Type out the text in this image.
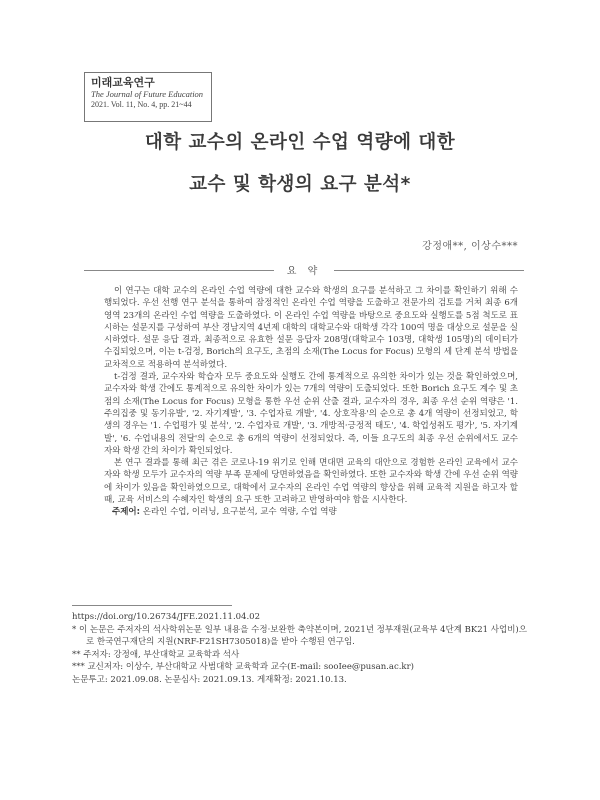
미래교육연구
The Journal of Future Education
2021. Vol. 11, No. 4, pp. 21~44
대학 교수의 온라인 수업 역량에 대한
교수 및 학생의 요구 분석*
강정애**, 이상수***
요 약

이 연구는 대학 교수의 온라인 수업 역량에 대한 교수와 학생의 요구를 분석하고 그 차이를 확인하기 위해 수행되었다. 우선 선행 연구 분석을 통하여 잠정적인 온라인 수업 역량을 도출하고 전문가의 검토를 거쳐 최종 6개 영역 23개의 온라인 수업 역량을 도출하였다. 이 온라인 수업 역량을 바탕으로 중요도와 실행도를 5점 척도로 표시하는 설문지를 구성하여 부산 경남지역 4년제 대학의 대학교수와 대학생 각각 100여 명을 대상으로 설문을 실시하였다. 설문 응답 결과, 최종적으로 유효한 설문 응답자 208명(대학교수 103명, 대학생 105명)의 데이터가 수집되었으며, 이는 t-검정, Borich의 요구도, 초점의 소재(The Locus for Focus) 모형의 세 단계 분석 방법을 교차적으로 적용하여 분석하였다.

t-검정 결과, 교수자와 학습자 모두 중요도와 실행도 간에 통계적으로 유의한 차이가 있는 것을 확인하였으며, 교수자와 학생 간에도 통계적으로 유의한 차이가 있는 7개의 역량이 도출되었다. 또한 Borich 요구도 계수 및 초점의 소재(The Locus for Focus) 모형을 통한 우선 순위 산출 결과, 교수자의 경우, 최종 우선 순위 역량은 '1. 주의집중 및 동기유발', '2. 자기계발', '3. 수업자료 개발', '4. 상호작용'의 순으로 총 4개 역량이 선정되었고, 학생의 경우는 '1. 수업평가 및 분석', '2. 수업자료 개발', '3. 개방적·긍정적 태도', '4. 학업성취도 평가', '5. 자기계발', '6. 수업내용의 전달'의 순으로 총 6개의 역량이 선정되었다. 즉, 이들 요구도의 최종 우선 순위에서도 교수자와 학생 간의 차이가 확인되었다.

본 연구 결과를 통해 최근 겪은 코로나-19 위기로 인해 면대면 교육의 대안으로 경험한 온라인 교육에서 교수자와 학생 모두가 교수자의 역량 부족 문제에 당면하였음을 확인하였다. 또한 교수자와 학생 간에 우선 순위 역량에 차이가 있음을 확인하였으므로, 대학에서 교수자의 온라인 수업 역량의 향상을 위해 교육적 지원을 하고자 할 때, 교육 서비스의 수혜자인 학생의 요구 또한 고려하고 반영하여야 함을 시사한다.

주제어: 온라인 수업, 이러닝, 요구분석, 교수 역량, 수업 역량
https://doi.org/10.26734/JFE.2021.11.04.02
* 이 논문은 주저자의 석사학위논문 일부 내용을 수정·보완한 축약본이며, 2021년 정부재원(교육부 4단계 BK21 사업비)으로 한국연구재단의 지원(NRF-F21SH7305018)을 받아 수행된 연구임.
** 주저자: 강정애, 부산대학교 교육학과 석사
*** 교신저자: 이상수, 부산대학교 사범대학 교육학과 교수(E-mail: sooIee@pusan.ac.kr)
논문투고: 2021.09.08. 논문심사: 2021.09.13. 게재확정: 2021.10.13.
